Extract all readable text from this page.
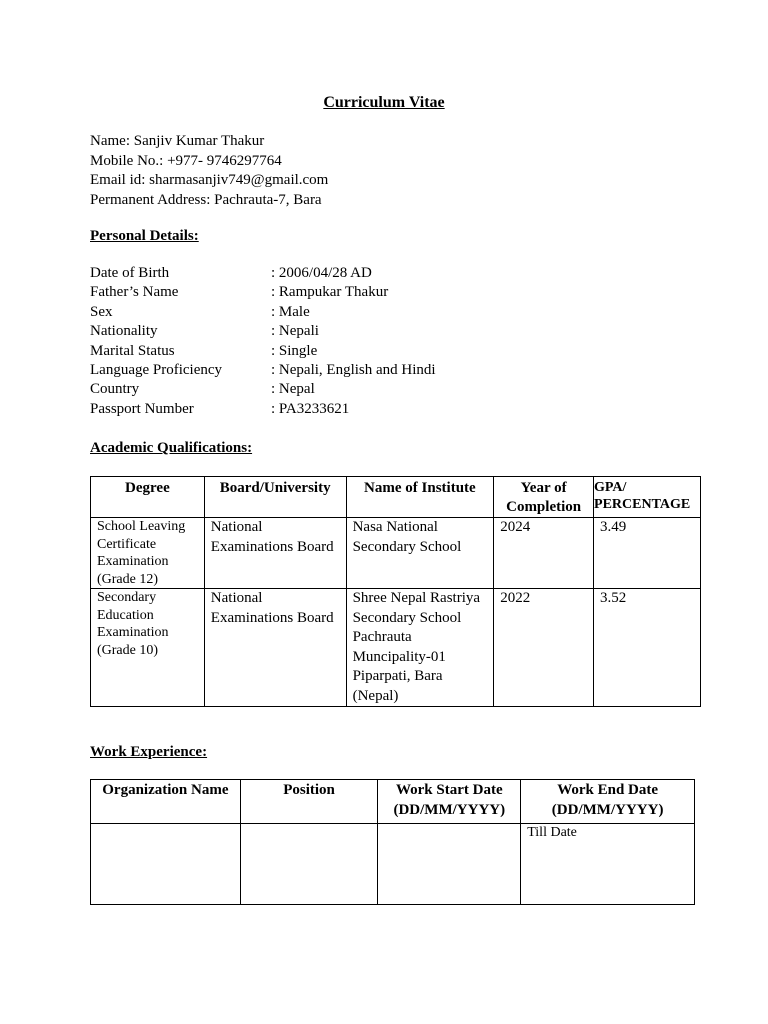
Curriculum Vitae
Name: Sanjiv Kumar Thakur
Mobile No.: +977- 9746297764
Email id: sharmasanjiv749@gmail.com
Permanent Address: Pachrauta-7, Bara
Personal Details:
Date of Birth	: 2006/04/28 AD
Father’s Name	: Rampukar Thakur
Sex	: Male
Nationality	: Nepali
Marital Status	: Single
Language Proficiency	: Nepali, English and Hindi
Country	: Nepal
Passport Number	: PA3233621
Academic Qualifications:
Degree	Board/University	Name of Institute	Year of Completion	GPA/ PERCENTAGE
School Leaving Certificate Examination (Grade 12)	National Examinations Board	Nasa National Secondary School	2024	3.49
Secondary Education Examination (Grade 10)	National Examinations Board	Shree Nepal Rastriya Secondary School Pachrauta Muncipality-01 Piparpati, Bara (Nepal)	2022	3.52
Work Experience:
Organization Name	Position	Work Start Date (DD/MM/YYYY)	Work End Date (DD/MM/YYYY)
			Till Date
